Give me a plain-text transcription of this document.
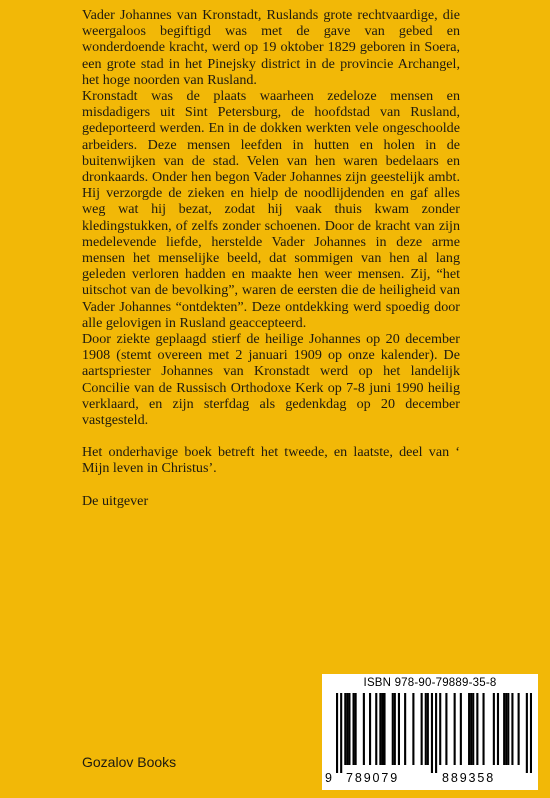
Vader Johannes van Kronstadt, Ruslands grote rechtvaardige, die weergaloos begiftigd was met de gave van gebed en wonderdoende kracht, werd op 19 oktober 1829 geboren in Soera, een grote stad in het Pinejsky district in de provincie Archangel, het hoge noorden van Rusland.

Kronstadt was de plaats waarheen zedeloze mensen en misdadigers uit Sint Petersburg, de hoofdstad van Rusland, gedeporteerd werden. En in de dokken werkten vele ongeschoolde arbeiders. Deze mensen leefden in hutten en holen in de buitenwijken van de stad. Velen van hen waren bedelaars en dronkaards. Onder hen begon Vader Johannes zijn geestelijk ambt. Hij verzorgde de zieken en hielp de noodlijdenden en gaf alles weg wat hij bezat, zodat hij vaak thuis kwam zonder kledingstukken, of zelfs zonder schoenen. Door de kracht van zijn medelevende liefde, herstelde Vader Johannes in deze arme mensen het menselijke beeld, dat sommigen van hen al lang geleden verloren hadden en maakte hen weer mensen. Zij, “het uitschot van de bevolking”, waren de eersten die de heiligheid van Vader Johannes “ontdekten”. Deze ontdekking werd spoedig door alle gelovigen in Rusland geaccepteerd.

Door ziekte geplaagd stierf de heilige Johannes op 20 december 1908 (stemt overeen met 2 januari 1909 op onze kalender). De aartspriester Johannes van Kronstadt werd op het landelijk Concilie van de Russisch Orthodoxe Kerk op 7-8 juni 1990 heilig verklaard, en zijn sterfdag als gedenkdag op 20 december vastgesteld.

Het onderhavige boek betreft het tweede, en laatste, deel van ‘ Mijn leven in Christus’.

De uitgever

Gozalov Books
ISBN 978-90-79889-35-8
9 789079	889358
